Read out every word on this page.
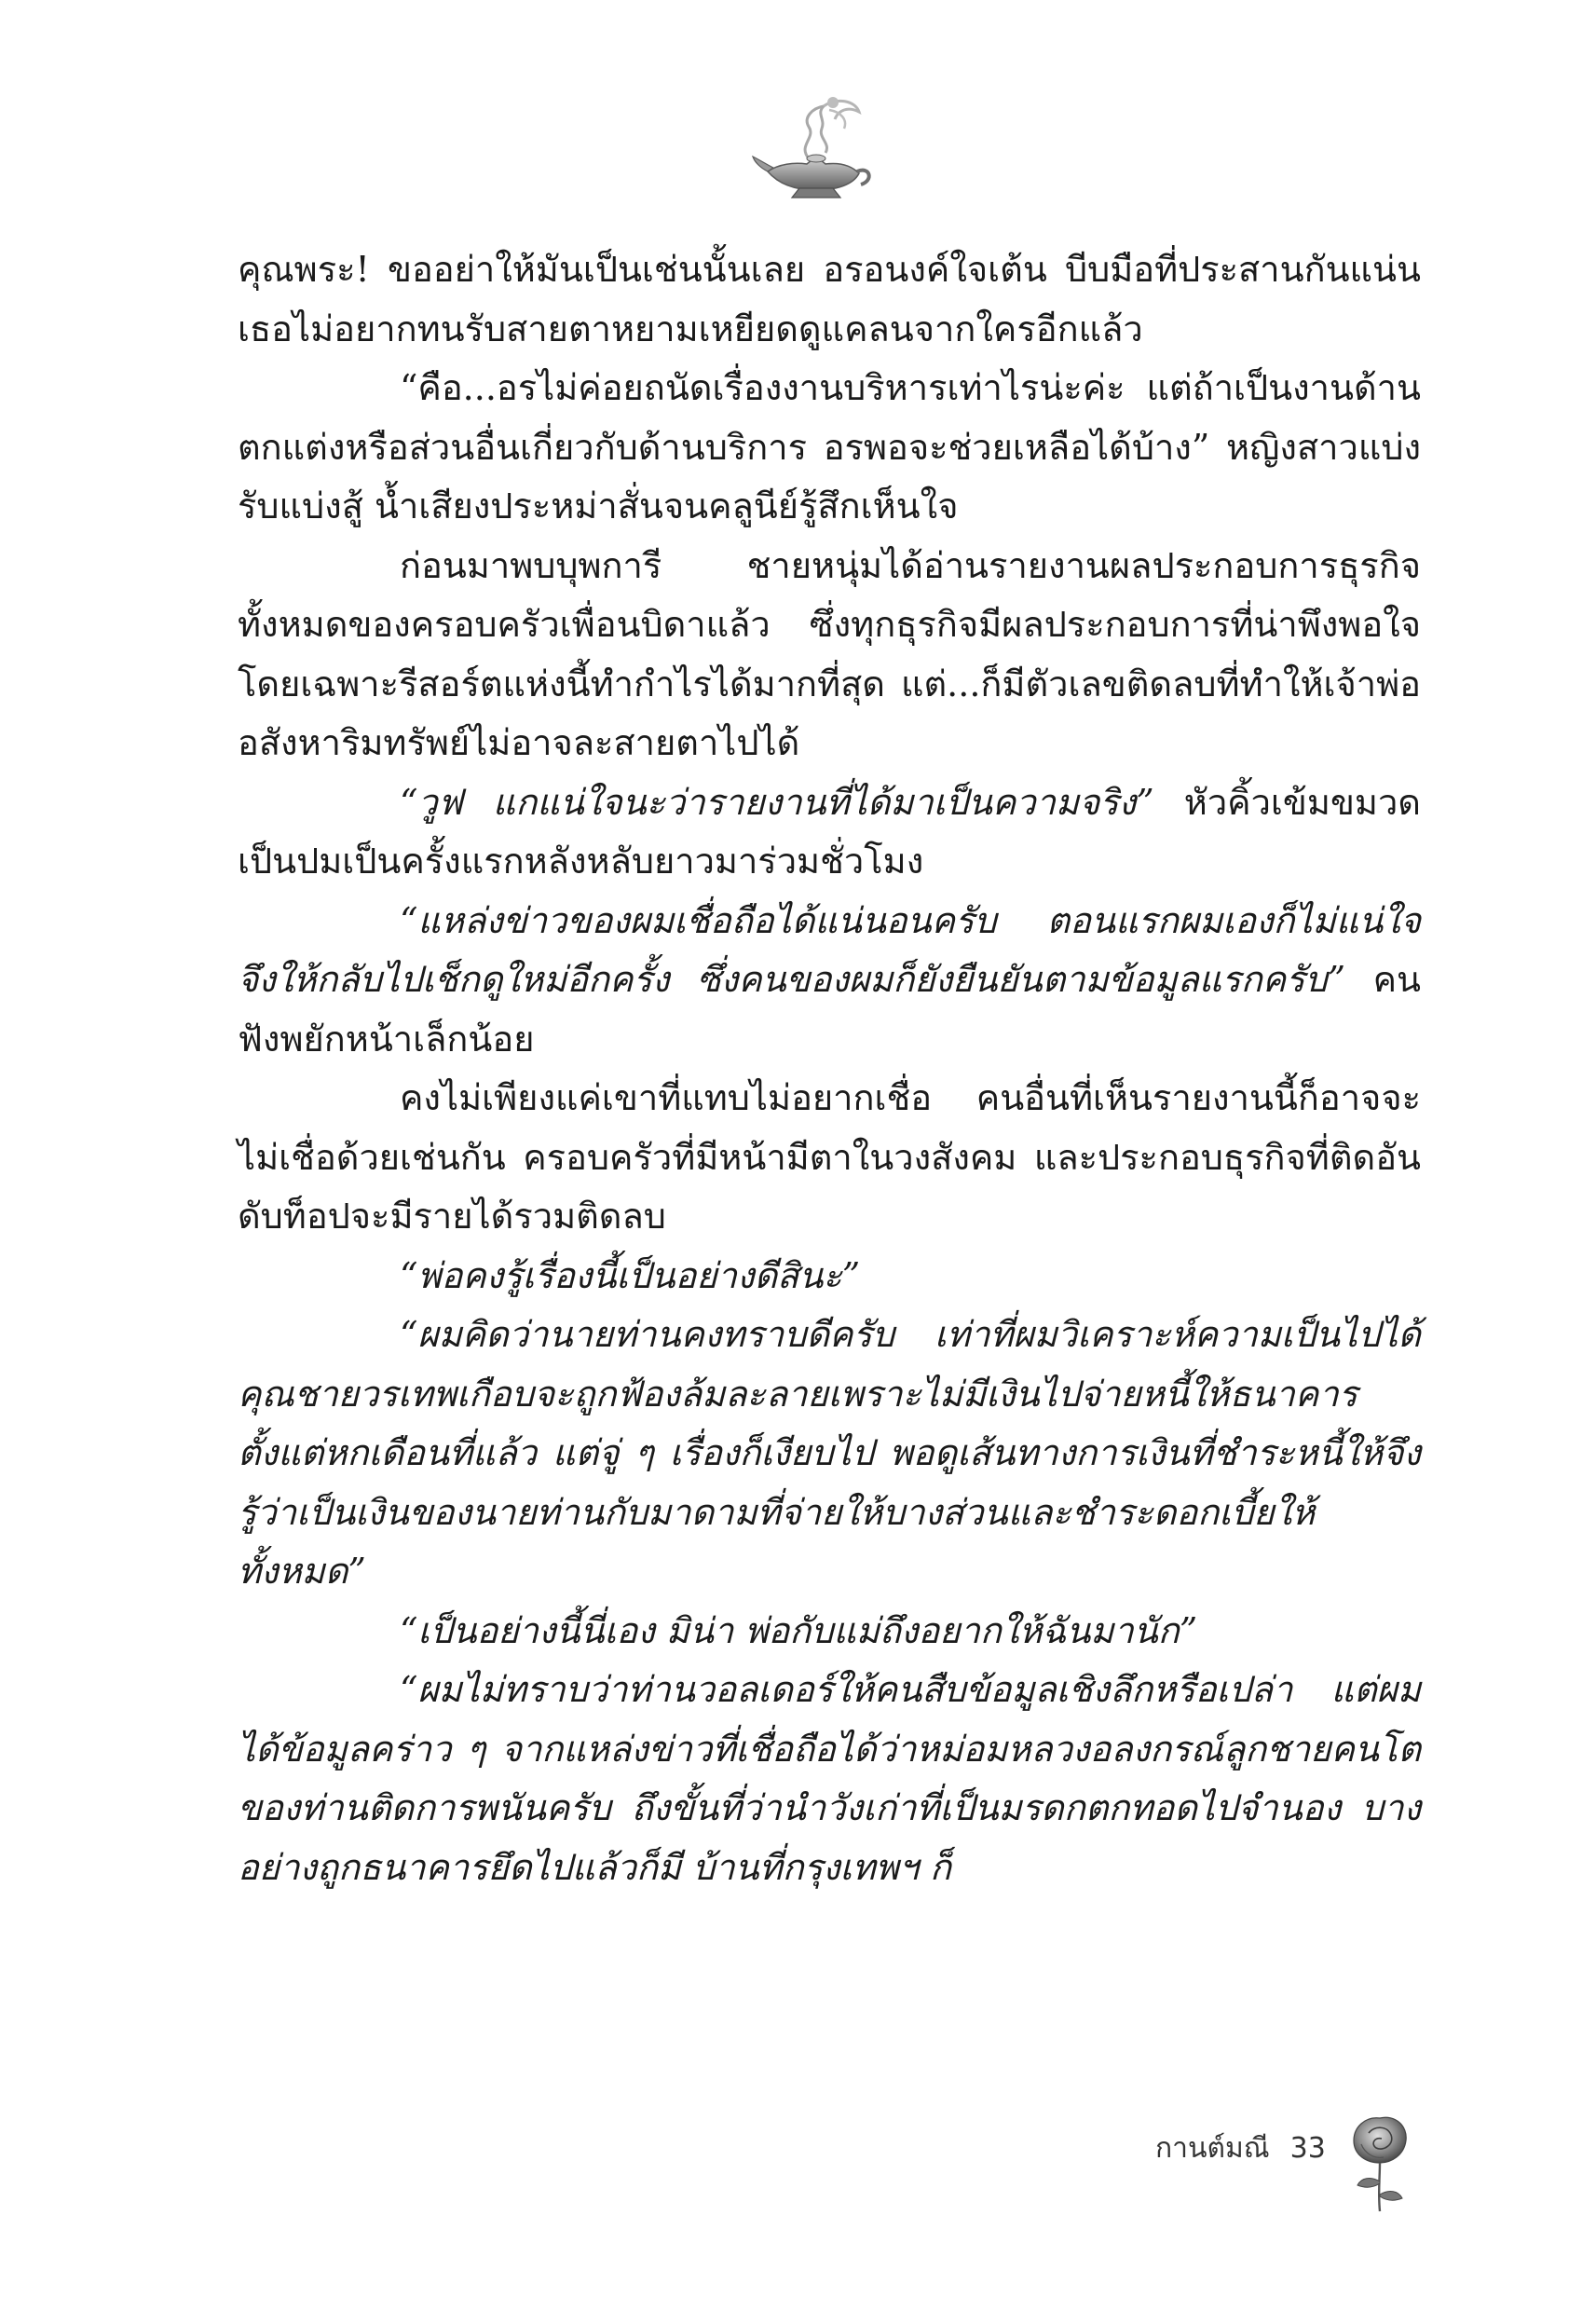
คุณพระ! ขออย่าให้มันเป็นเช่นนั้นเลย อรอนงค์ใจเต้น บีบมือที่ประสานกันแน่น เธอไม่อยากทนรับสายตาหยามเหยียดดูแคลนจากใครอีกแล้ว

“คือ...อรไม่ค่อยถนัดเรื่องงานบริหารเท่าไรน่ะค่ะ แต่ถ้าเป็นงานด้านตกแต่งหรือส่วนอื่นเกี่ยวกับด้านบริการ อรพอจะช่วยเหลือได้บ้าง” หญิงสาวแบ่งรับแบ่งสู้ น้ำเสียงประหม่าสั่นจนคลูนีย์รู้สึกเห็นใจ

ก่อนมาพบบุพการี ชายหนุ่มได้อ่านรายงานผลประกอบการธุรกิจทั้งหมดของครอบครัวเพื่อนบิดาแล้ว ซึ่งทุกธุรกิจมีผลประกอบการที่น่าพึงพอใจ โดยเฉพาะรีสอร์ตแห่งนี้ทำกำไรได้มากที่สุด แต่...ก็มีตัวเลขติดลบที่ทำให้เจ้าพ่ออสังหาริมทรัพย์ไม่อาจละสายตาไปได้

“วูฟ แกแน่ใจนะว่ารายงานที่ได้มาเป็นความจริง” หัวคิ้วเข้มขมวดเป็นปมเป็นครั้งแรกหลังหลับยาวมาร่วมชั่วโมง

“แหล่งข่าวของผมเชื่อถือได้แน่นอนครับ ตอนแรกผมเองก็ไม่แน่ใจ จึงให้กลับไปเช็กดูใหม่อีกครั้ง ซึ่งคนของผมก็ยังยืนยันตามข้อมูลแรกครับ” คนฟังพยักหน้าเล็กน้อย

คงไม่เพียงแค่เขาที่แทบไม่อยากเชื่อ คนอื่นที่เห็นรายงานนี้ก็อาจจะไม่เชื่อด้วยเช่นกัน ครอบครัวที่มีหน้ามีตาในวงสังคม และประกอบธุรกิจที่ติดอันดับท็อปจะมีรายได้รวมติดลบ

“พ่อคงรู้เรื่องนี้เป็นอย่างดีสินะ”

“ผมคิดว่านายท่านคงทราบดีครับ เท่าที่ผมวิเคราะห์ความเป็นไปได้ คุณชายวรเทพเกือบจะถูกฟ้องล้มละลายเพราะไม่มีเงินไปจ่ายหนี้ให้ธนาคารตั้งแต่หกเดือนที่แล้ว แต่จู่ ๆ เรื่องก็เงียบไป พอดูเส้นทางการเงินที่ชำระหนี้ให้จึงรู้ว่าเป็นเงินของนายท่านกับมาดามที่จ่ายให้บางส่วนและชำระดอกเบี้ยให้ทั้งหมด”

“เป็นอย่างนี้นี่เอง มิน่า พ่อกับแม่ถึงอยากให้ฉันมานัก”

“ผมไม่ทราบว่าท่านวอลเดอร์ให้คนสืบข้อมูลเชิงลึกหรือเปล่า แต่ผมได้ข้อมูลคร่าว ๆ จากแหล่งข่าวที่เชื่อถือได้ว่าหม่อมหลวงอลงกรณ์ลูกชายคนโตของท่านติดการพนันครับ ถึงขั้นที่ว่านำวังเก่าที่เป็นมรดกตกทอดไปจำนอง บางอย่างถูกธนาคารยึดไปแล้วก็มี บ้านที่กรุงเทพฯ ก็

กานต์มณี 33
